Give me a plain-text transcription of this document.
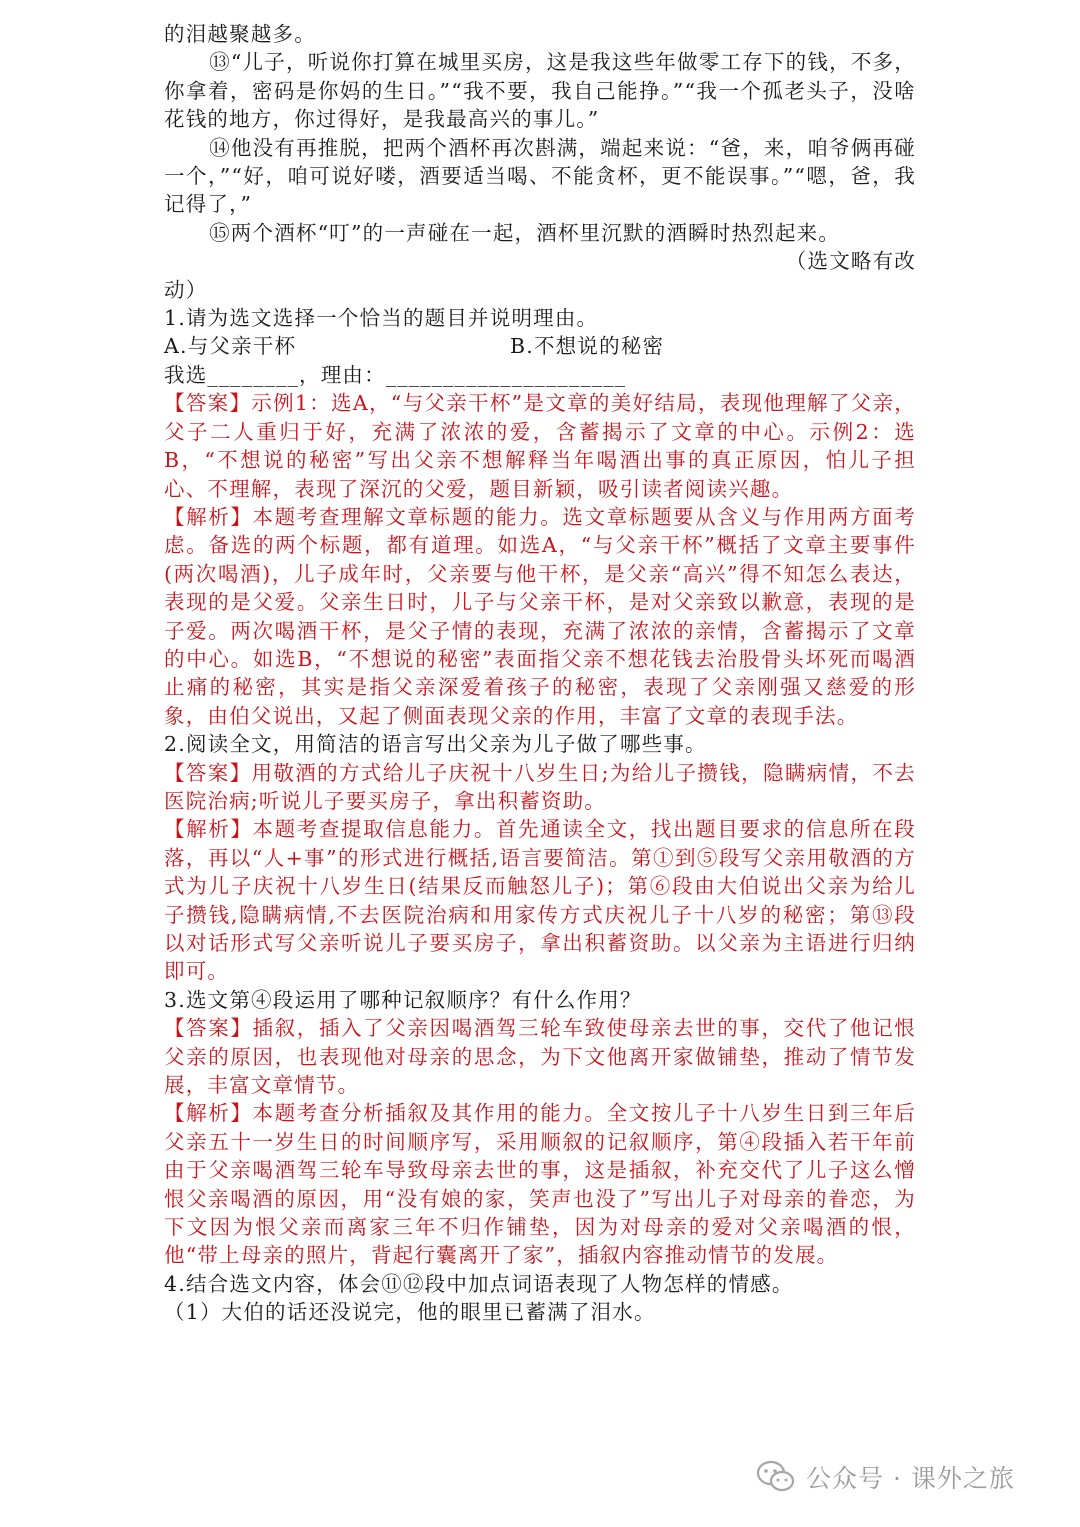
的泪越聚越多。

⑬“儿子，听说你打算在城里买房，这是我这些年做零工存下的钱，不多，你拿着，密码是你妈的生日。”“我不要，我自己能挣。”“我一个孤老头子，没啥花钱的地方，你过得好，是我最高兴的事儿。”

⑭他没有再推脱，把两个酒杯再次斟满，端起来说：“爸，来，咱爷俩再碰一个，”“好，咱可说好喽，酒要适当喝、不能贪杯，更不能误事。”“嗯，爸，我记得了，”

⑮两个酒杯“叮”的一声碰在一起，酒杯里沉默的酒瞬时热烈起来。

（选文略有改

动）

1.请为选文选择一个恰当的题目并说明理由。

A.与父亲干杯	B.不想说的秘密

我选________，理由：_____________________

【答案】示例1：选A，“与父亲干杯”是文章的美好结局，表现他理解了父亲，父子二人重归于好，充满了浓浓的爱，含蓄揭示了文章的中心。示例2：选B，“不想说的秘密”写出父亲不想解释当年喝酒出事的真正原因，怕儿子担心、不理解，表现了深沉的父爱，题目新颖，吸引读者阅读兴趣。

【解析】本题考查理解文章标题的能力。选文章标题要从含义与作用两方面考虑。备选的两个标题，都有道理。如选A，“与父亲干杯”概括了文章主要事件(两次喝酒)，儿子成年时，父亲要与他干杯，是父亲“高兴”得不知怎么表达，表现的是父爱。父亲生日时，儿子与父亲干杯，是对父亲致以歉意，表现的是子爱。两次喝酒干杯，是父子情的表现，充满了浓浓的亲情，含蓄揭示了文章的中心。如选B，“不想说的秘密”表面指父亲不想花钱去治股骨头坏死而喝酒止痛的秘密，其实是指父亲深爱着孩子的秘密，表现了父亲刚强又慈爱的形象，由伯父说出，又起了侧面表现父亲的作用，丰富了文章的表现手法。

2.阅读全文，用简洁的语言写出父亲为儿子做了哪些事。

【答案】用敬酒的方式给儿子庆祝十八岁生日;为给儿子攒钱，隐瞒病情，不去医院治病;听说儿子要买房子，拿出积蓄资助。

【解析】本题考查提取信息能力。首先通读全文，找出题目要求的信息所在段落，再以“人+事”的形式进行概括,语言要简洁。第①到⑤段写父亲用敬酒的方式为儿子庆祝十八岁生日(结果反而触怒儿子)；第⑥段由大伯说出父亲为给儿子攒钱,隐瞒病情,不去医院治病和用家传方式庆祝儿子十八岁的秘密；第⑬段以对话形式写父亲听说儿子要买房子，拿出积蓄资助。以父亲为主语进行归纳即可。

3.选文第④段运用了哪种记叙顺序？有什么作用？

【答案】插叙，插入了父亲因喝酒驾三轮车致使母亲去世的事，交代了他记恨父亲的原因，也表现他对母亲的思念，为下文他离开家做铺垫，推动了情节发展，丰富文章情节。

【解析】本题考查分析插叙及其作用的能力。全文按儿子十八岁生日到三年后父亲五十一岁生日的时间顺序写，采用顺叙的记叙顺序，第④段插入若干年前由于父亲喝酒驾三轮车导致母亲去世的事，这是插叙，补充交代了儿子这么憎恨父亲喝酒的原因，用“没有娘的家，笑声也没了”写出儿子对母亲的眷恋，为下文因为恨父亲而离家三年不归作铺垫，因为对母亲的爱对父亲喝酒的恨，他“带上母亲的照片，背起行囊离开了家”，插叙内容推动情节的发展。

4.结合选文内容，体会⑪⑫段中加点词语表现了人物怎样的情感。

（1）大伯的话还没说完，他的眼里已蓄满了泪水。

公众号 · 课外之旅
